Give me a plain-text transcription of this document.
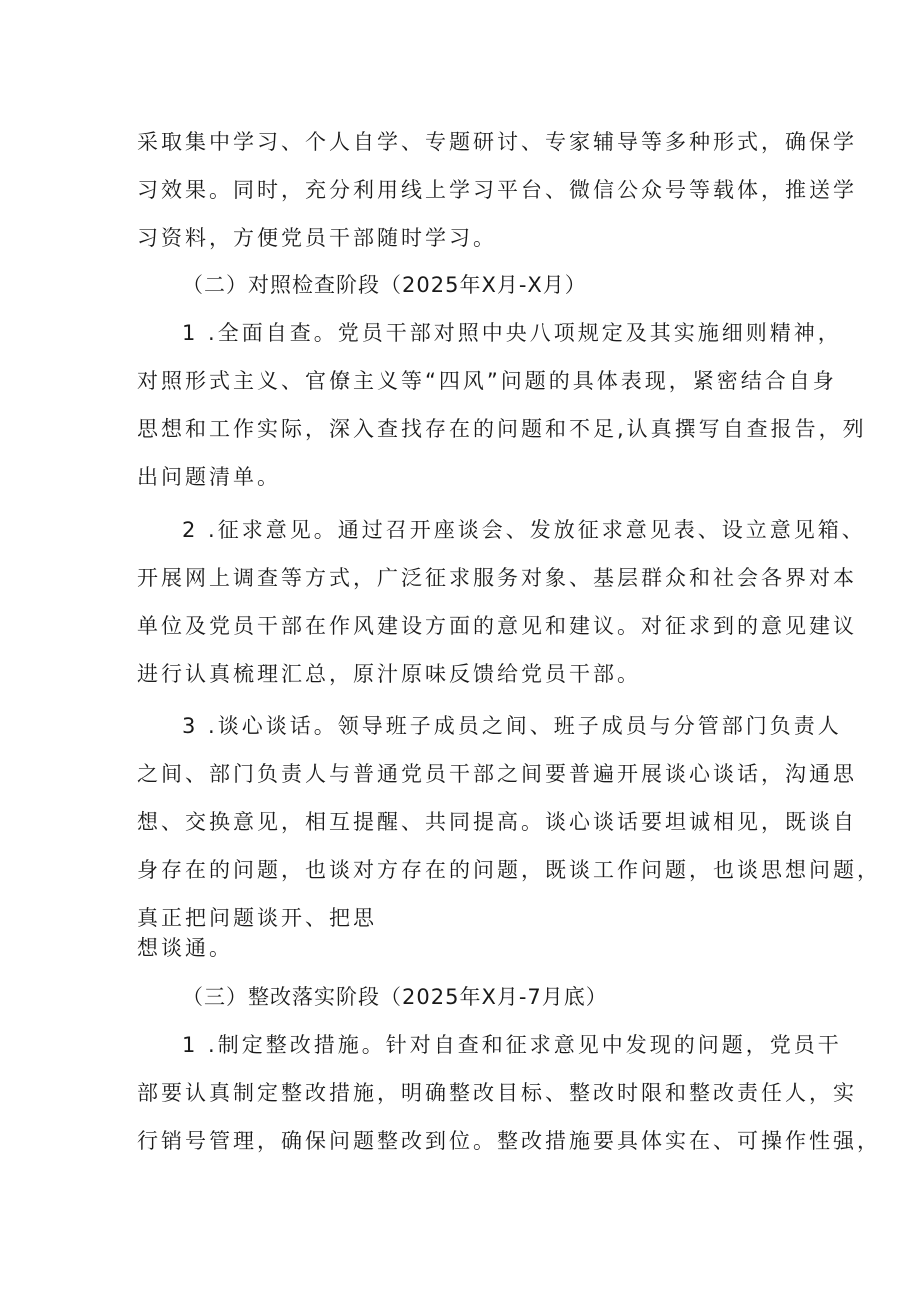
采取集中学习、个人自学、专题研讨、专家辅导等多种形式，确保学
习效果。同时，充分利用线上学习平台、微信公众号等载体，推送学
习资料，方便党员干部随时学习。
（二）对照检查阶段（2025年X月-X月）
1 .全面自查。党员干部对照中央八项规定及其实施细则精神，
对照形式主义、官僚主义等“四风”问题的具体表现，紧密结合自身
思想和工作实际，深入查找存在的问题和不足,认真撰写自查报告，列
出问题清单。
2 .征求意见。通过召开座谈会、发放征求意见表、设立意见箱、
开展网上调查等方式，广泛征求服务对象、基层群众和社会各界对本
单位及党员干部在作风建设方面的意见和建议。对征求到的意见建议
进行认真梳理汇总，原汁原味反馈给党员干部。
3 .谈心谈话。领导班子成员之间、班子成员与分管部门负责人
之间、部门负责人与普通党员干部之间要普遍开展谈心谈话，沟通思
想、交换意见，相互提醒、共同提高。谈心谈话要坦诚相见，既谈自
身存在的问题，也谈对方存在的问题，既谈工作问题，也谈思想问题，
真正把问题谈开、把思
想谈通。
（三）整改落实阶段（2025年X月-7月底）
1 .制定整改措施。针对自查和征求意见中发现的问题，党员干
部要认真制定整改措施，明确整改目标、整改时限和整改责任人，实
行销号管理，确保问题整改到位。整改措施要具体实在、可操作性强，
